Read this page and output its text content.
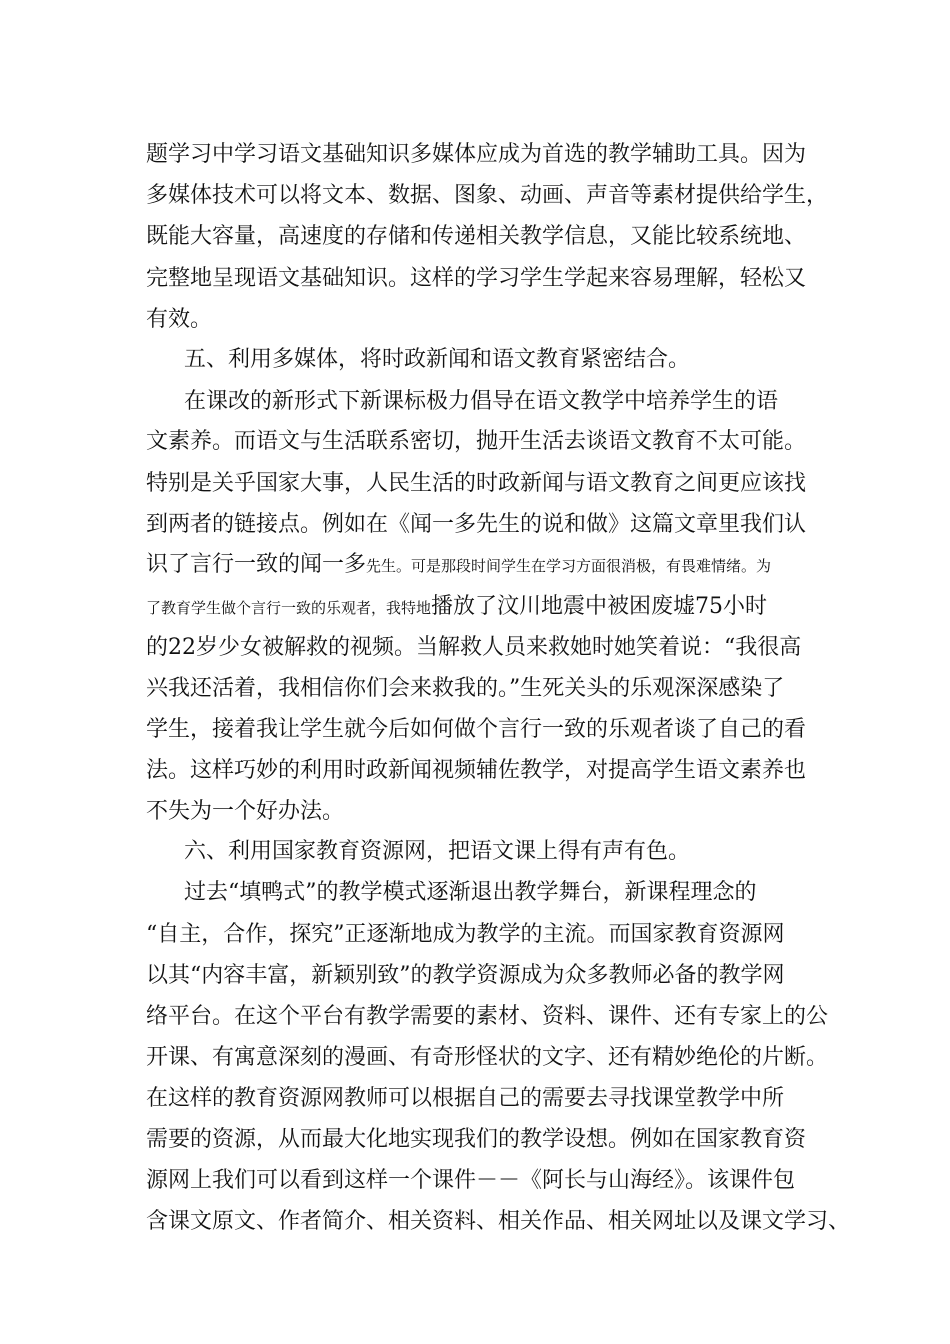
题学习中学习语文基础知识多媒体应成为首选的教学辅助工具。因为
多媒体技术可以将文本、数据、图象、动画、声音等素材提供给学生，
既能大容量，高速度的存储和传递相关教学信息，又能比较系统地、
完整地呈现语文基础知识。这样的学习学生学起来容易理解，轻松又
有效。
五、利用多媒体，将时政新闻和语文教育紧密结合。
在课改的新形式下新课标极力倡导在语文教学中培养学生的语
文素养。而语文与生活联系密切，抛开生活去谈语文教育不太可能。
特别是关乎国家大事，人民生活的时政新闻与语文教育之间更应该找
到两者的链接点。例如在《闻一多先生的说和做》这篇文章里我们认
识了言行一致的闻一多先生。可是那段时间学生在学习方面很消极，有畏难情绪。为
了教育学生做个言行一致的乐观者，我特地播放了汶川地震中被困废墟75小时
的22岁少女被解救的视频。当解救人员来救她时她笑着说：“我很高
兴我还活着，我相信你们会来救我的。”生死关头的乐观深深感染了
学生，接着我让学生就今后如何做个言行一致的乐观者谈了自己的看
法。这样巧妙的利用时政新闻视频辅佐教学，对提高学生语文素养也
不失为一个好办法。
六、利用国家教育资源网，把语文课上得有声有色。
过去“填鸭式”的教学模式逐渐退出教学舞台，新课程理念的
“自主，合作，探究”正逐渐地成为教学的主流。而国家教育资源网
以其“内容丰富，新颖别致”的教学资源成为众多教师必备的教学网
络平台。在这个平台有教学需要的素材、资料、课件、还有专家上的公
开课、有寓意深刻的漫画、有奇形怪状的文字、还有精妙绝伦的片断。
在这样的教育资源网教师可以根据自己的需要去寻找课堂教学中所
需要的资源，从而最大化地实现我们的教学设想。例如在国家教育资
源网上我们可以看到这样一个课件－－《阿长与山海经》。该课件包
含课文原文、作者简介、相关资料、相关作品、相关网址以及课文学习、
